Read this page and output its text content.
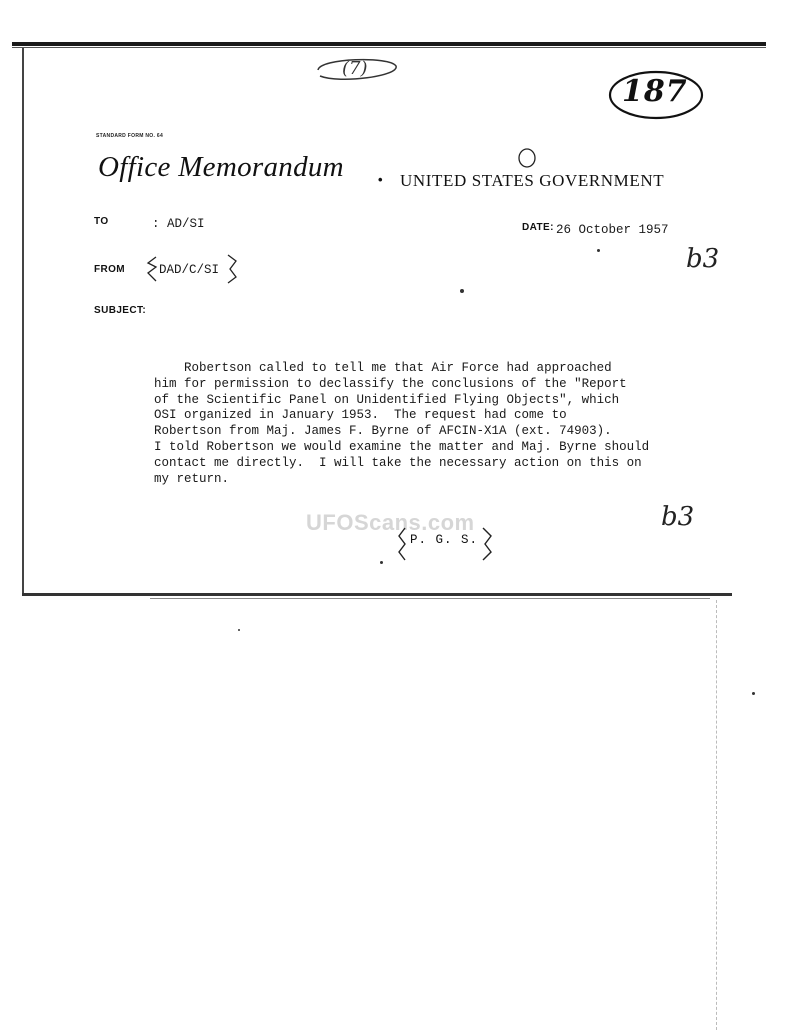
(7)
187
STANDARD FORM NO. 64
Office Memorandum	• UNITED STATES GOVERNMENT
TO	: AD/SI	DATE: 26 October 1957
FROM	DAD/C/SI
SUBJECT:
b3
Robertson called to tell me that Air Force had approached
him for permission to declassify the conclusions of the "Report
of the Scientific Panel on Unidentified Flying Objects", which
OSI organized in January 1953.  The request had come to
Robertson from Maj. James F. Byrne of AFCIN-X1A (ext. 74903).
I told Robertson we would examine the matter and Maj. Byrne should
contact me directly.  I will take the necessary action on this on
my return.
UFOScans.com
P. G. S.
b3
